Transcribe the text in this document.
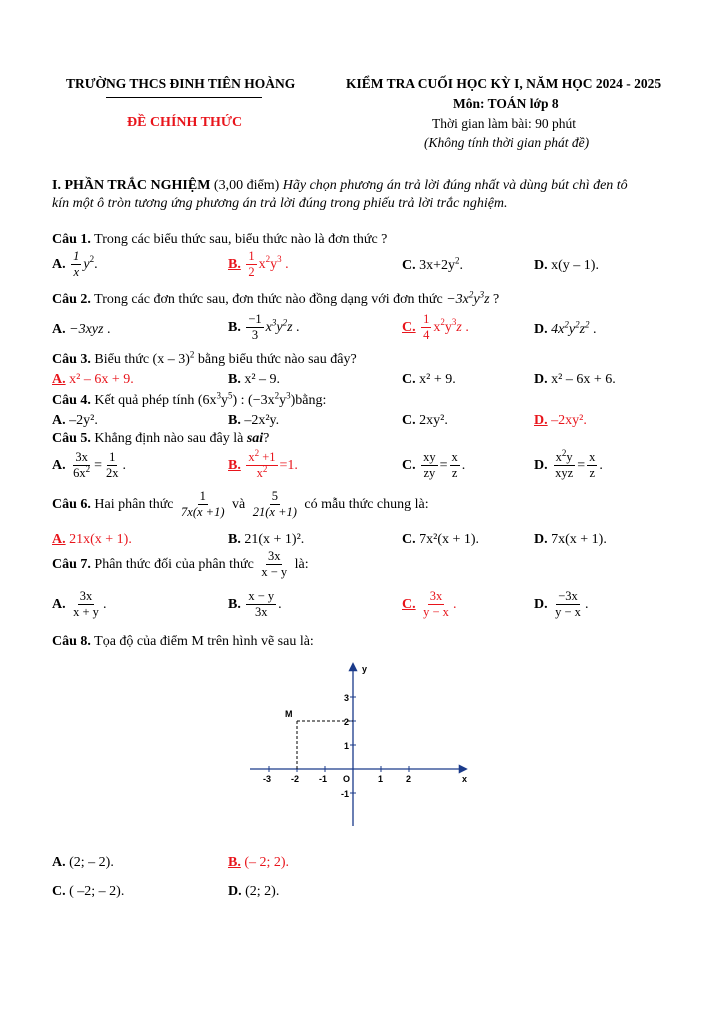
TRƯỜNG THCS ĐINH TIÊN HOÀNG
ĐỀ CHÍNH THỨC
KIỂM TRA CUỐI HỌC KỲ I, NĂM HỌC 2024 - 2025
Môn: TOÁN lớp 8
Thời gian làm bài: 90 phút
(Không tính thời gian phát đề)
I. PHẦN TRẮC NGHIỆM (3,00 điểm) Hãy chọn phương án trả lời đúng nhất và dùng bút chì đen tô
kín một ô tròn tương ứng phương án trả lời đúng trong phiếu trả lời trắc nghiệm.
Câu 1. Trong các biểu thức sau, biểu thức nào là đơn thức ?
A. $\frac{1}{x} y^2$.	B. $\frac{1}{2} x^2y^3$ .	C. $3x+2y^2$.	D. x(y – 1).
Câu 2. Trong các đơn thức sau, đơn thức nào đồng dạng với đơn thức $-3x^2y^3z$ ?
A. −3xyz .	B. $\frac{-1}{3} x^3y^2z$ .	C. $\frac{1}{4} x^2y^3z$ .	D. $4x^2y^2z^2$ .
Câu 3. Biểu thức (x – 3)$^2$ bằng biểu thức nào sau đây?
A. x² – 6x + 9.	B. x² – 9.	C. x² + 9.	D. x² – 6x + 6.
Câu 4. Kết quả phép tính $(6x^3y^5)$ : $(-3x^2y^3)bằng$:
A. –2y².	B. –2x²y.	C. 2xy².	D. –2xy².
Câu 5. Khẳng định nào sau đây là sai?
A. $\frac{3x}{6x^2} = \frac{1}{2x}$ .	B. $\frac{x^2 +1}{x^2} =1$.	C. $\frac{xy}{zy} = \frac{x}{z}$ .	D. $\frac{x^2y}{\text{xyz}} = \frac{x}{z}$ .
Câu 6. Hai phân thức $\frac{1}{7x(x +1)}$ và $\frac{5}{21(x +1)}$ có mẫu thức chung là:
A. 21x(x + 1).	B. 21(x + 1)².	C. 7x²(x + 1).	D. 7x(x + 1).
Câu 7. Phân thức đối của phân thức $\frac{3x}{x - y}$ là:
A. $\frac{3x}{x + y}$ .	B. $\frac{x - y}{3x}$ .	C. $\frac{3x}{y - x}$ .	D. $\frac{-3x}{y - x}$ .
Câu 8. Tọa độ của điểm M trên hình vẽ sau là:
-3 -2 -1	1	2
3
2
1
-1
x
y
O
M
A. (2; – 2).	B. (– 2; 2).
C. ( –2; – 2).	D. (2; 2).
